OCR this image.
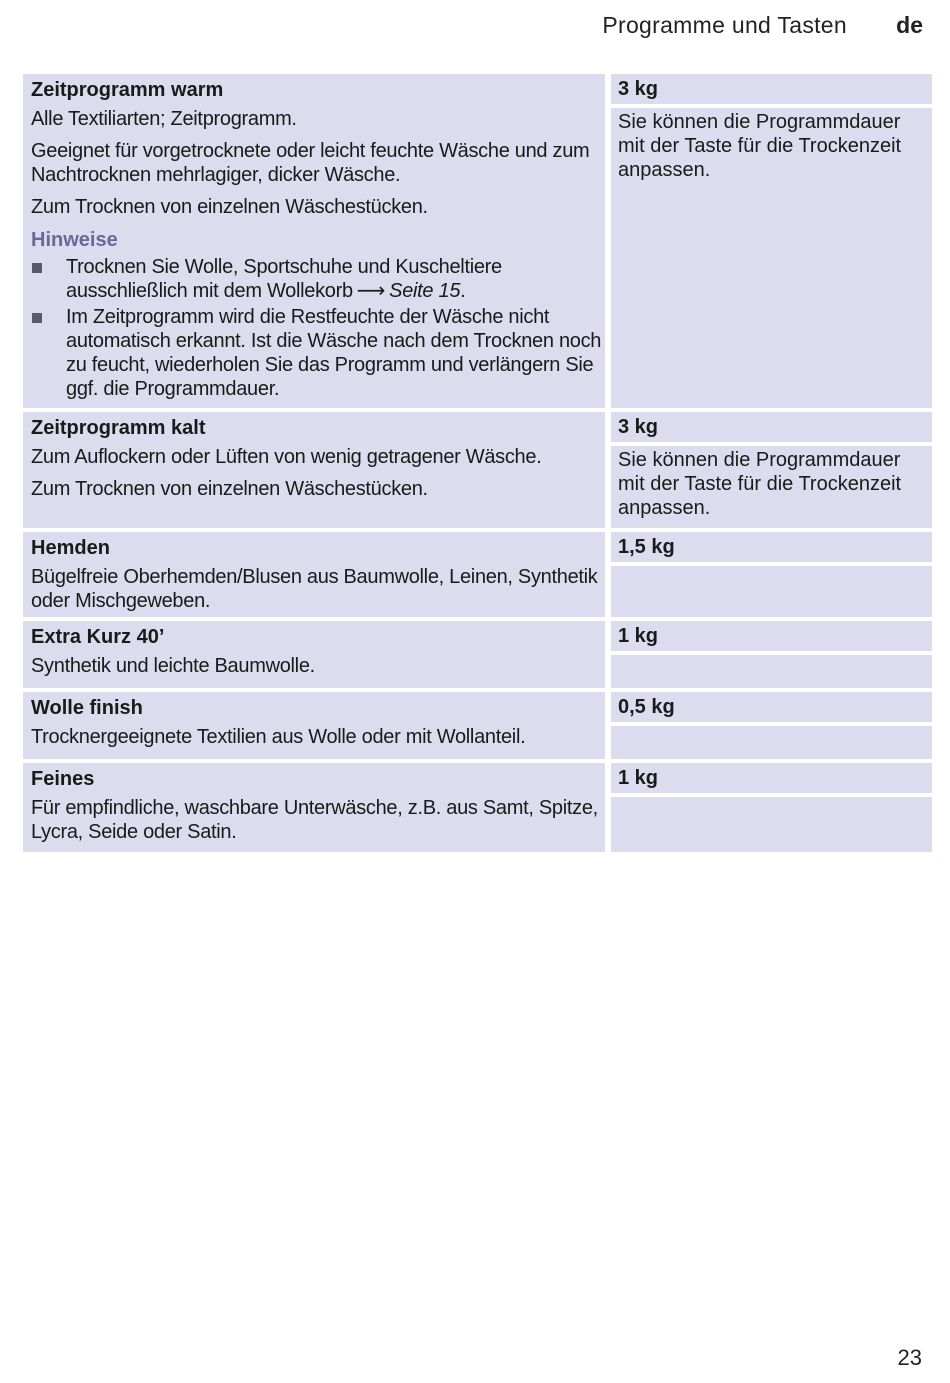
Programme und Tasten de
Zeitprogramm warm
Alle Textiliarten; Zeitprogramm.
Geeignet für vorgetrocknete oder leicht feuchte Wäsche und zum Nachtrocknen mehrlagiger, dicker Wäsche.
Zum Trocknen von einzelnen Wäschestücken.
Hinweise
Trocknen Sie Wolle, Sportschuhe und Kuscheltiere ausschließlich mit dem Wollekorb ⟶ Seite 15.
Im Zeitprogramm wird die Restfeuchte der Wäsche nicht automatisch erkannt. Ist die Wäsche nach dem Trocknen noch zu feucht, wiederholen Sie das Programm und verlängern Sie ggf. die Programmdauer.
3 kg
Sie können die Programmdauer mit der Taste für die Trockenzeit anpassen.
Zeitprogramm kalt
Zum Auflockern oder Lüften von wenig getragener Wäsche.
Zum Trocknen von einzelnen Wäschestücken.
3 kg
Sie können die Programmdauer mit der Taste für die Trockenzeit anpassen.
Hemden
Bügelfreie Oberhemden/Blusen aus Baumwolle, Leinen, Synthetik oder Mischgeweben.
1,5 kg
Extra Kurz 40’
Synthetik und leichte Baumwolle.
1 kg
Wolle finish
Trocknergeeignete Textilien aus Wolle oder mit Wollanteil.
0,5 kg
Feines
Für empfindliche, waschbare Unterwäsche, z.B. aus Samt, Spitze, Lycra, Seide oder Satin.
1 kg
23
